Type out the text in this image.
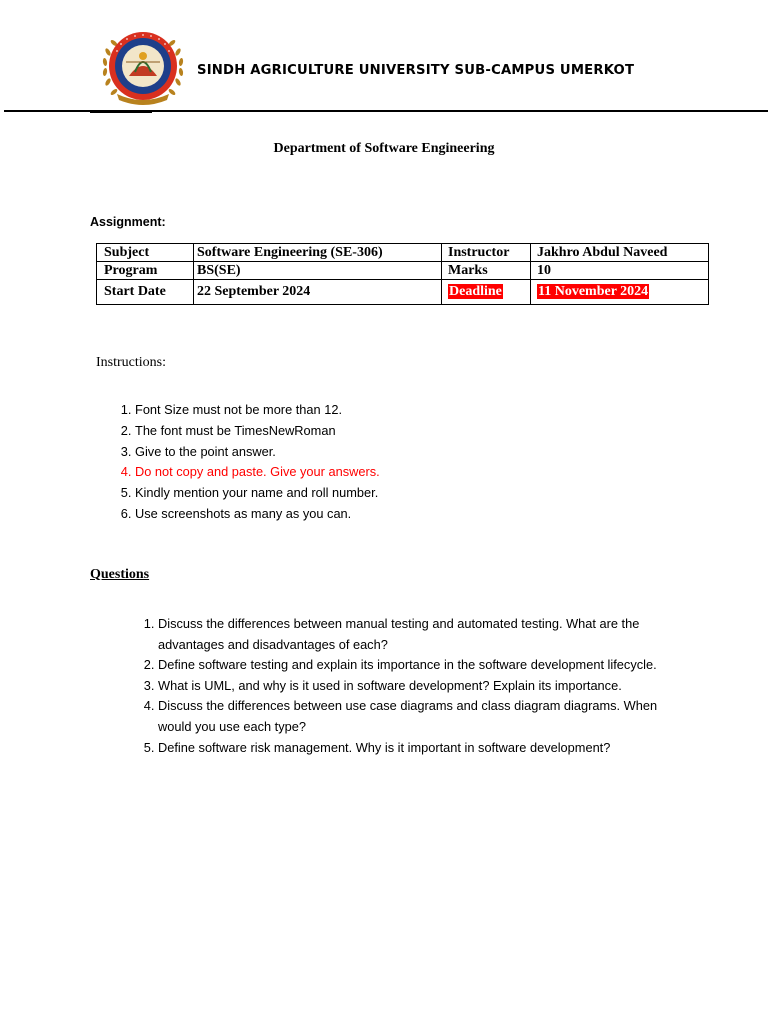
SINDH AGRICULTURE UNIVERSITY SUB-CAMPUS UMERKOT
Department of Software Engineering
Assignment:
Subject	Software Engineering (SE-306)	Instructor	Jakhro Abdul Naveed
Program	BS(SE)	Marks	10
Start Date	22 September 2024	Deadline	11 November 2024
Instructions:
1. Font Size must not be more than 12.
2. The font must be TimesNewRoman
3. Give to the point answer.
4. Do not copy and paste. Give your answers.
5. Kindly mention your name and roll number.
6. Use screenshots as many as you can.
Questions
1. Discuss the differences between manual testing and automated testing. What are the advantages and disadvantages of each?
2. Define software testing and explain its importance in the software development lifecycle.
3. What is UML, and why is it used in software development? Explain its importance.
4. Discuss the differences between use case diagrams and class diagram diagrams. When would you use each type?
5. Define software risk management. Why is it important in software development?
